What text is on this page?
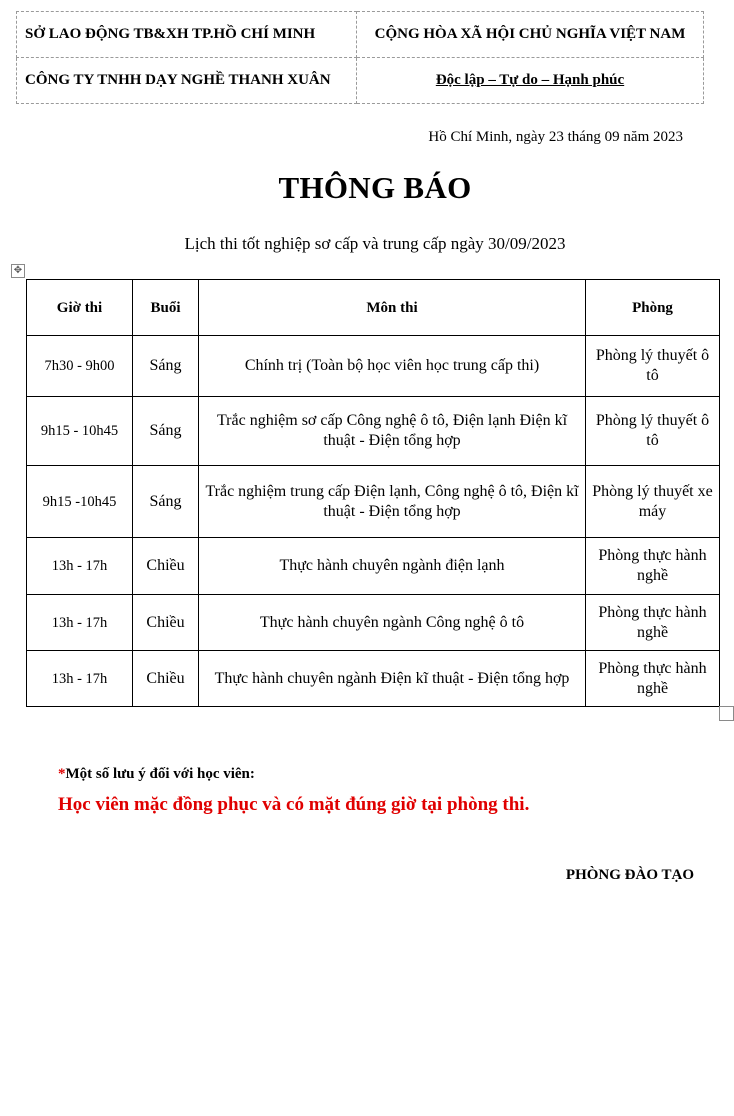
SỞ LAO ĐỘNG TB&XH TP.HỒ CHÍ MINH	CỘNG HÒA XÃ HỘI CHỦ NGHĨA VIỆT NAM
CÔNG TY TNHH DẠY NGHỀ THANH XUÂN	Độc lập – Tự do – Hạnh phúc
Hồ Chí Minh, ngày 23 tháng 09 năm 2023
THÔNG BÁO
Lịch thi tốt nghiệp sơ cấp và trung cấp ngày 30/09/2023
✥
Giờ thi	Buổi	Môn thi	Phòng
7h30 - 9h00	Sáng	Chính trị (Toàn bộ học viên học trung cấp thi)	Phòng lý thuyết ô tô
9h15 - 10h45	Sáng	Trắc nghiệm sơ cấp Công nghệ ô tô, Điện lạnh Điện kĩ thuật - Điện tổng hợp	Phòng lý thuyết ô tô
9h15 -10h45	Sáng	Trắc nghiệm trung cấp Điện lạnh, Công nghệ ô tô, Điện kĩ thuật - Điện tổng hợp	Phòng lý thuyết xe máy
13h - 17h	Chiều	Thực hành chuyên ngành điện lạnh	Phòng thực hành nghề
13h - 17h	Chiều	Thực hành chuyên ngành Công nghệ ô tô	Phòng thực hành nghề
13h - 17h	Chiều	Thực hành chuyên ngành Điện kĩ thuật - Điện tổng hợp	Phòng thực hành nghề
*Một số lưu ý đối với học viên:
Học viên mặc đồng phục và có mặt đúng giờ tại phòng thi.
PHÒNG ĐÀO TẠO
